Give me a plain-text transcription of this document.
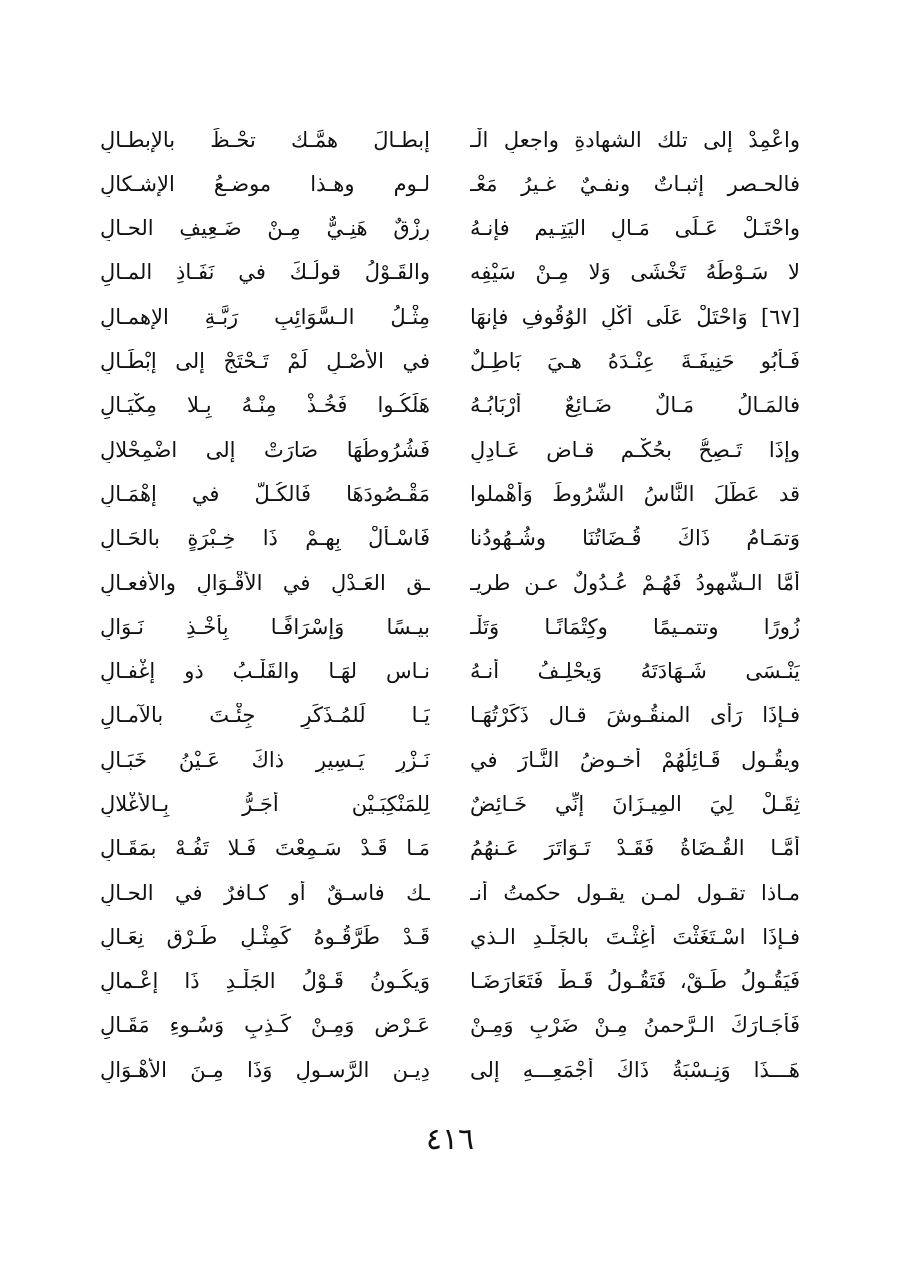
واعْمِدْ إلى تلك الشهادةِ واجعلِ الْـ
إبطـالَ همَّـك تحْـظَ بالإبطـالِ
فالحـصر إثبـاتٌ ونفـيٌ غـيرُ مَعْـ
لـومٍ وهـذا موضـعُ الإشـكالِ
واحْتَـلْ عَـلَى مَـالِ اليَتِـيمِ فإنـهُ
رِزْقٌ هَنِـيٌّ مِـنْ ضَـعِيفِ الحـالِ
لا سَـوْطَهُ تَخْشَى وَلا مِـنْ سَيْفِه
والقَـوْلُ قولُـكَ في نَفَـاذِ المـالِ
[٦٧] وَاحْتَلْ عَلَى أَكْلِ الوُقُوفِ فإنهَا
مِثْـلُ الـسَّوَائِبِ رَبَّـةِ الإِهمـالِ
فَـأَبُو حَنِيفَـةَ عِنْـدَهُ هـيَ بَاطِـلٌ
في الأَصْـلِ لَمْ تَـحْتَجْ إلى إِبْطَـالِ
فالمَـالُ مَـالٌ ضَـائِعٌ أَرْبَابُـهُ
هَلَكُـوا فَخُـذْ مِنْـهُ بِـلا مِكْيَـالِ
وإذَا تَـصِحُّ بحُكْـمِ قـاضٍ عَـادِلٍ
فَشُرُوطُهَا صَارَتْ إِلى اضْمِحْلالِ
قد عَطَّلَ النَّاسُ الشُّرُوطَ وَأَهْملوا
مَقْـصُودَهَا فَالكُـلُّ في إِهْمَـالِ
وَتمَـامُ ذَاكَ قُـضَاتُنَا وشُـهُودُنا
فَاسْـأَلْ بِهِـمْ ذَا خِـبْرَةٍ بالحَـالِ
أَمَّا الـشُّهودُ فَهُـمْ عُـدُولٌ عـن طريـ
ـقِ العَـدْلِ في الأَقْـوَالِ والأفعـالِ
زُورًا وتتمـيمًا وكِتْمَانًـا وَتَلْـ
بيـسًا وَإِسْرَافًـا بِأَخْـذِ نَـوَالِ
يَنْـسَى شَـهَادَتَهُ وَيحْلِـفُ أنـهُ
نـاسٍ لهَـا والقَلْـبُ ذو إغْفـالِ
فـإذَا رَأَى المنقُـوشَ قـال ذَكَرْتُهَـا
يَـا لَلمُـذَكِّرِ جِئْـتَ بالآمـالِ
ويقُـول قَـائِلُهُمْ أَخـوضُ النَّـارَ في
نَـزْرٍ يَـسِيرٍ ذاكَ عَـيْنُ خَبَـالِ
ثِقَـلْ لِيَ المِيـزَانَ إنِّي خَـائِضٌ
لِلمَنْكِبَـيْنِ أَجَـرُّ بِـالأغْلالِ
أَمَّـا القُـضَاةُ فَقَـدْ تَـوَاتَرَ عَـنهُمُ
مَـا قَـدْ سَـمِعْتَ فَـلا تَفُـهْ بمَقَـالِ
مـاذا تقـول لمـن يقـول حكمتُ أنـ
ـك فاسـقٌ أو كـافرٌ في الحـالِ
فـإذَا اسْـتَغَثْتَ أُغِثْـتَ بالجَلْـدِ الـذي
قَـدْ طَرَّقُـوهُ كَمِثْـلِ طَـرْقِ نِعَـالِ
فَيَقُـولُ طَـقْ، فَتَقُـولُ قَـطْ فَتَعَارَضَـا
وَيكُـونُ قَـوْلُ الجَلْـدِ ذَا إِعْـمالِ
فَأجَـارَكَ الـرَّحمنُ مِـنْ ضَرْبٍ وَمِـنْ
عَـرْضٍ وَمِـنْ كَـذِبٍ وَسُـوءِ مَقَـالِ
هَـــذَا وَنِـسْبَةُ ذَاكَ أَجْمَعِـــهِ إِلى
دِيـنِ الرَّسـولِ وَذَا مِـنَ الأَهْـوَالِ
٤١٦
